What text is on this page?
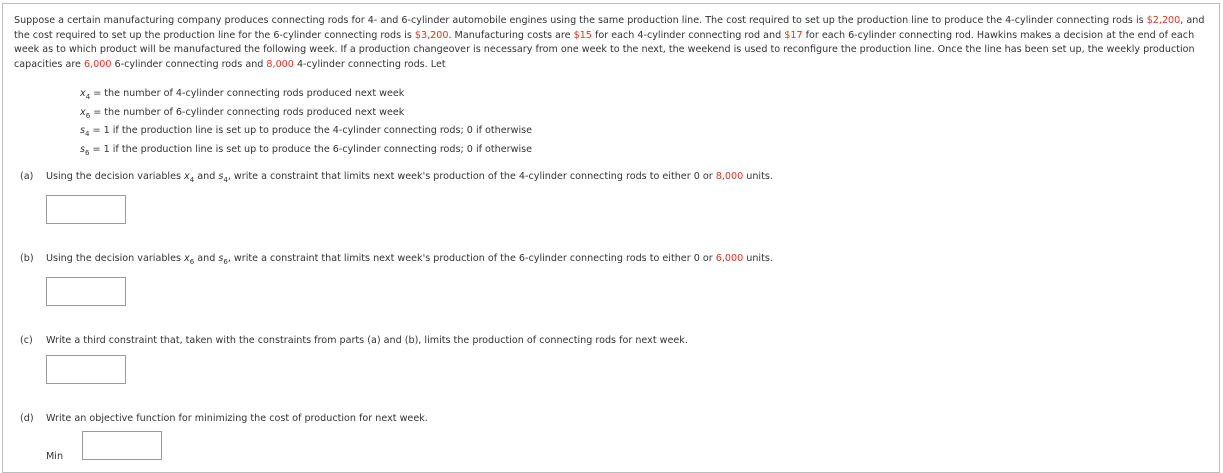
Suppose a certain manufacturing company produces connecting rods for 4- and 6-cylinder automobile engines using the same production line. The cost required to set up the production line to produce the 4-cylinder connecting rods is $2,200, and the cost required to set up the production line for the 6-cylinder connecting rods is $3,200. Manufacturing costs are $15 for each 4-cylinder connecting rod and $17 for each 6-cylinder connecting rod. Hawkins makes a decision at the end of each week as to which product will be manufactured the following week. If a production changeover is necessary from one week to the next, the weekend is used to reconfigure the production line. Once the line has been set up, the weekly production capacities are 6,000 6-cylinder connecting rods and 8,000 4-cylinder connecting rods. Let

$x_4$ = the number of 4-cylinder connecting rods produced next week
$x_6$ = the number of 6-cylinder connecting rods produced next week
$s_4 = 1$ if the production line is set up to produce the 4-cylinder connecting rods; 0 if otherwise
$s_6 = 1$ if the production line is set up to produce the 6-cylinder connecting rods; 0 if otherwise
(a) Using the decision variables $x_4$ and $s_4$, write a constraint that limits next week's production of the 4-cylinder connecting rods to either 0 or 8,000 units.
(b) Using the decision variables $x_6$ and $s_6$, write a constraint that limits next week's production of the 6-cylinder connecting rods to either 0 or 6,000 units.
(c) Write a third constraint that, taken with the constraints from parts (a) and (b), limits the production of connecting rods for next week.
(d) Write an objective function for minimizing the cost of production for next week.
Min
